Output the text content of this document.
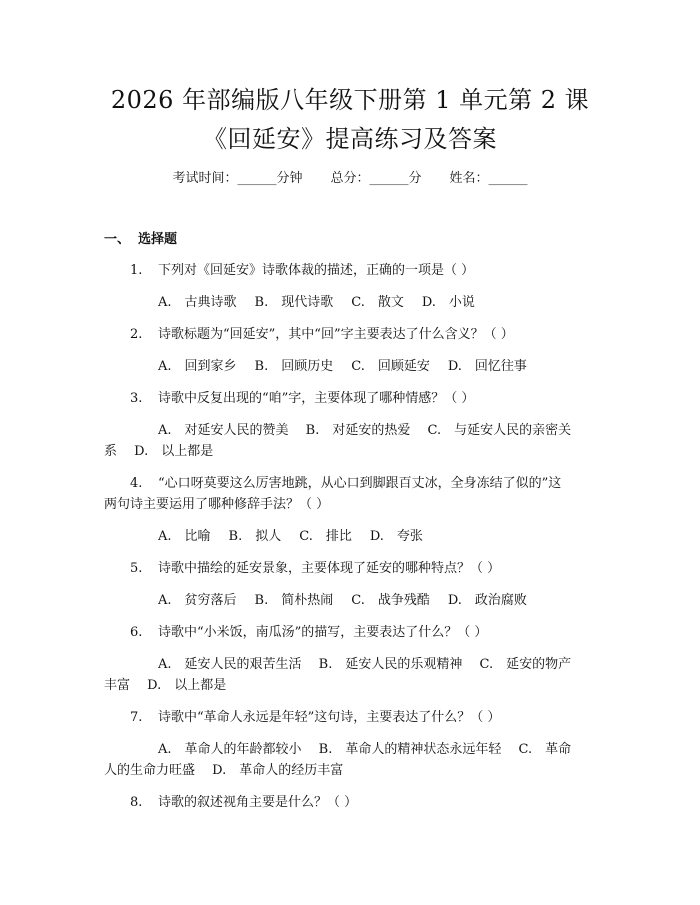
2026 年部编版八年级下册第 1 单元第 2 课
《回延安》提高练习及答案
考试时间：______分钟 总分：______分 姓名：______
一、 选择题
1. 下列对《回延安》诗歌体裁的描述，正确的一项是（ ）
A.　古典诗歌 B.　现代诗歌 C.　散文 D.　小说
2. 诗歌标题为“回延安”，其中“回”字主要表达了什么含义？（ ）
A.　回到家乡 B.　回顾历史 C.　回顾延安 D.　回忆往事
3. 诗歌中反复出现的“咱”字，主要体现了哪种情感？（ ）
A.　对延安人民的赞美　 B.　对延安的热爱　 C.　与延安人民的亲密关
系　 D.　以上都是
4. “心口呀莫要这么厉害地跳，从心口到脚跟百丈冰，全身冻结了似的”这
两句诗主要运用了哪种修辞手法？（ ）
A.　比喻 B.　拟人 C.　排比 D.　夸张
5. 诗歌中描绘的延安景象，主要体现了延安的哪种特点？（ ）
A.　贫穷落后 B.　简朴热闹 C.　战争残酷 D.　政治腐败
6. 诗歌中“小米饭，南瓜汤”的描写，主要表达了什么？（ ）
A.　延安人民的艰苦生活　 B.　延安人民的乐观精神　 C.　延安的物产
丰富　 D.　以上都是
7. 诗歌中“革命人永远是年轻”这句诗，主要表达了什么？（ ）
A.　革命人的年龄都较小　 B.　革命人的精神状态永远年轻　 C.　革命
人的生命力旺盛　 D.　革命人的经历丰富
8. 诗歌的叙述视角主要是什么？（ ）
